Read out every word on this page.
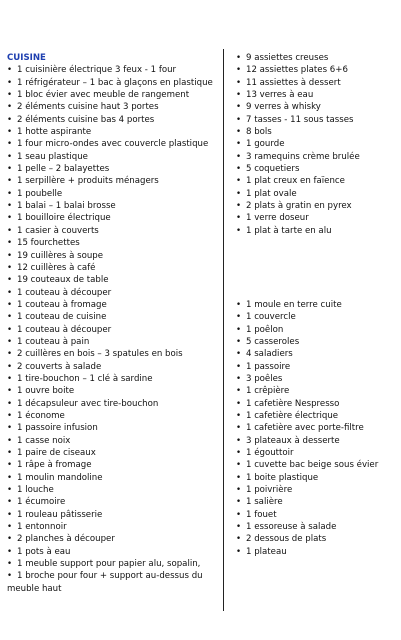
CUISINE
• 1 cuisinière électrique 3 feux - 1 four
• 1 réfrigérateur – 1 bac à glaçons en plastique
• 1 bloc évier avec meuble de rangement
• 2 éléments cuisine haut 3 portes
• 2 éléments cuisine bas 4 portes
• 1 hotte aspirante
• 1 four micro-ondes avec couvercle plastique
• 1 seau plastique
• 1 pelle – 2 balayettes
• 1 serpillère + produits ménagers
• 1 poubelle
• 1 balai – 1 balai brosse
• 1 bouilloire électrique
• 1 casier à couverts
• 15 fourchettes
• 19 cuillères à soupe
• 12 cuillères à café
• 19 couteaux de table
• 1 couteau à découper
• 1 couteau à fromage
• 1 couteau de cuisine
• 1 couteau à découper
• 1 couteau à pain
• 2 cuillères en bois – 3 spatules en bois
• 2 couverts à salade
• 1 tire-bouchon – 1 clé à sardine
• 1 ouvre boite
• 1 décapsuleur avec tire-bouchon
• 1 économe
• 1 passoire infusion
• 1 casse noix
• 1 paire de ciseaux
• 1 râpe à fromage
• 1 moulin mandoline
• 1 louche
• 1 écumoire
• 1 rouleau pâtisserie
• 1 entonnoir
• 2 planches à découper
• 1 pots à eau
• 1 meuble support pour papier alu, sopalin,
• 1 broche pour four + support au-dessus du meuble haut
• 9 assiettes creuses
• 12 assiettes plates 6+6
• 11 assiettes à dessert
• 13 verres à eau
• 9 verres à whisky
• 7 tasses - 11 sous tasses
• 8 bols
• 1 gourde
• 3 ramequins crème brulée
• 5 coquetiers
• 1 plat creux en faïence
• 1 plat ovale
• 2 plats à gratin en pyrex
• 1 verre doseur
• 1 plat à tarte en alu
• 1 moule en terre cuite
• 1 couvercle
• 1 poêlon
• 5 casseroles
• 4 saladiers
• 1 passoire
• 3 poêles
• 1 crêpière
• 1 cafetière Nespresso
• 1 cafetière électrique
• 1 cafetière avec porte-filtre
• 3 plateaux à desserte
• 1 égouttoir
• 1 cuvette bac beige sous évier
• 1 boite plastique
• 1 poivrière
• 1 salière
• 1 fouet
• 1 essoreuse à salade
• 2 dessous de plats
• 1 plateau
